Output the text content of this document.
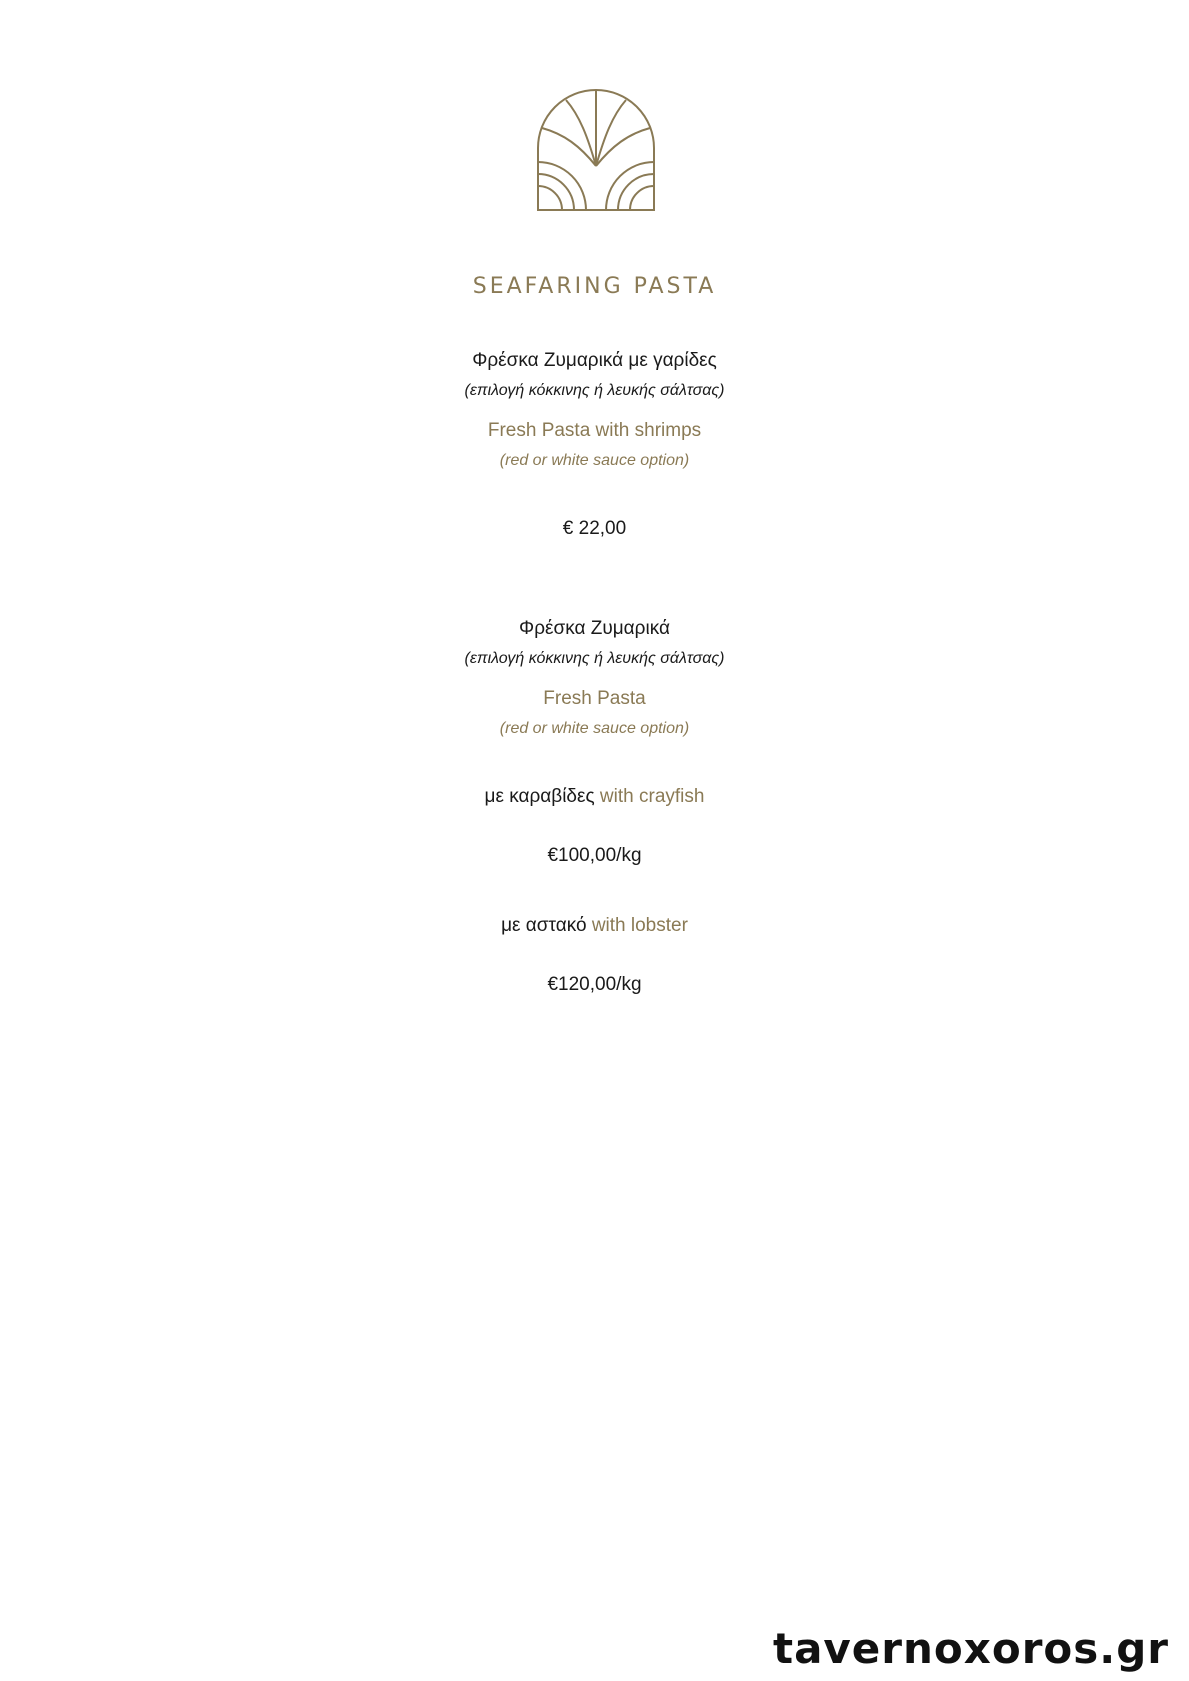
SEAFARING PASTA
Φρέσκα Ζυμαρικά με γαρίδες
(επιλογή κόκκινης ή λευκής σάλτσας)
Fresh Pasta with shrimps
(red or white sauce option)
€ 22,00
Φρέσκα Ζυμαρικά
(επιλογή κόκκινης ή λευκής σάλτσας)
Fresh Pasta
(red or white sauce option)
με καραβίδες with crayfish
€100,00/kg
με αστακό with lobster
€120,00/kg
tavernoxoros.gr
